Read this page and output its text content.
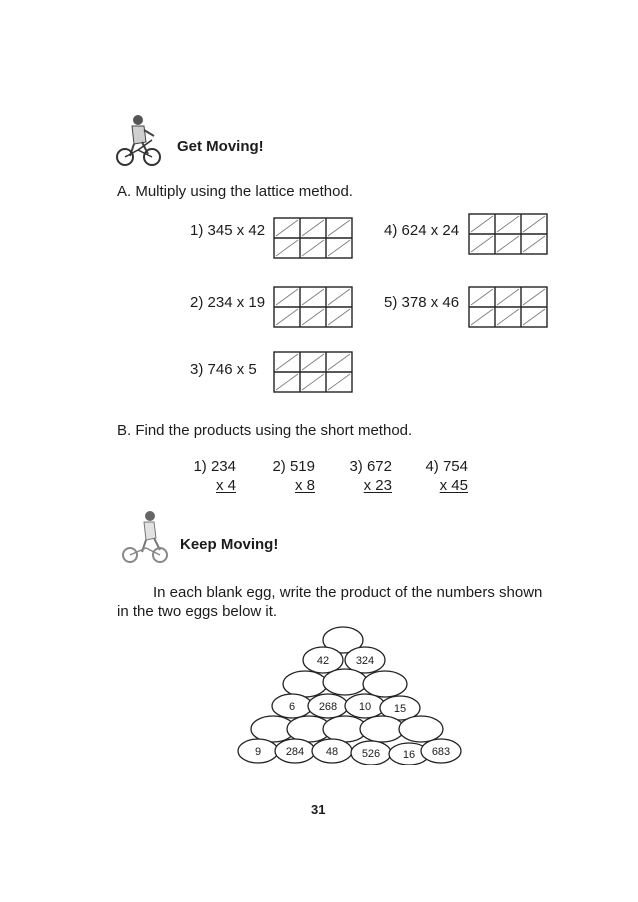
Get Moving!
A. Multiply using the lattice method.
1) 345 x 42
2) 234 x 19
3) 746 x 5
4) 624 x 24
5) 378 x 46
B. Find the products using the short method.
1) 234
x 4
2) 519
x 8
3) 672
x 23
4) 754
x 45
Keep Moving!
In each blank egg, write the product of the numbers shown
in the two eggs below it.
42 324
6 268 10 15
9 284 48 526 16 683
31
